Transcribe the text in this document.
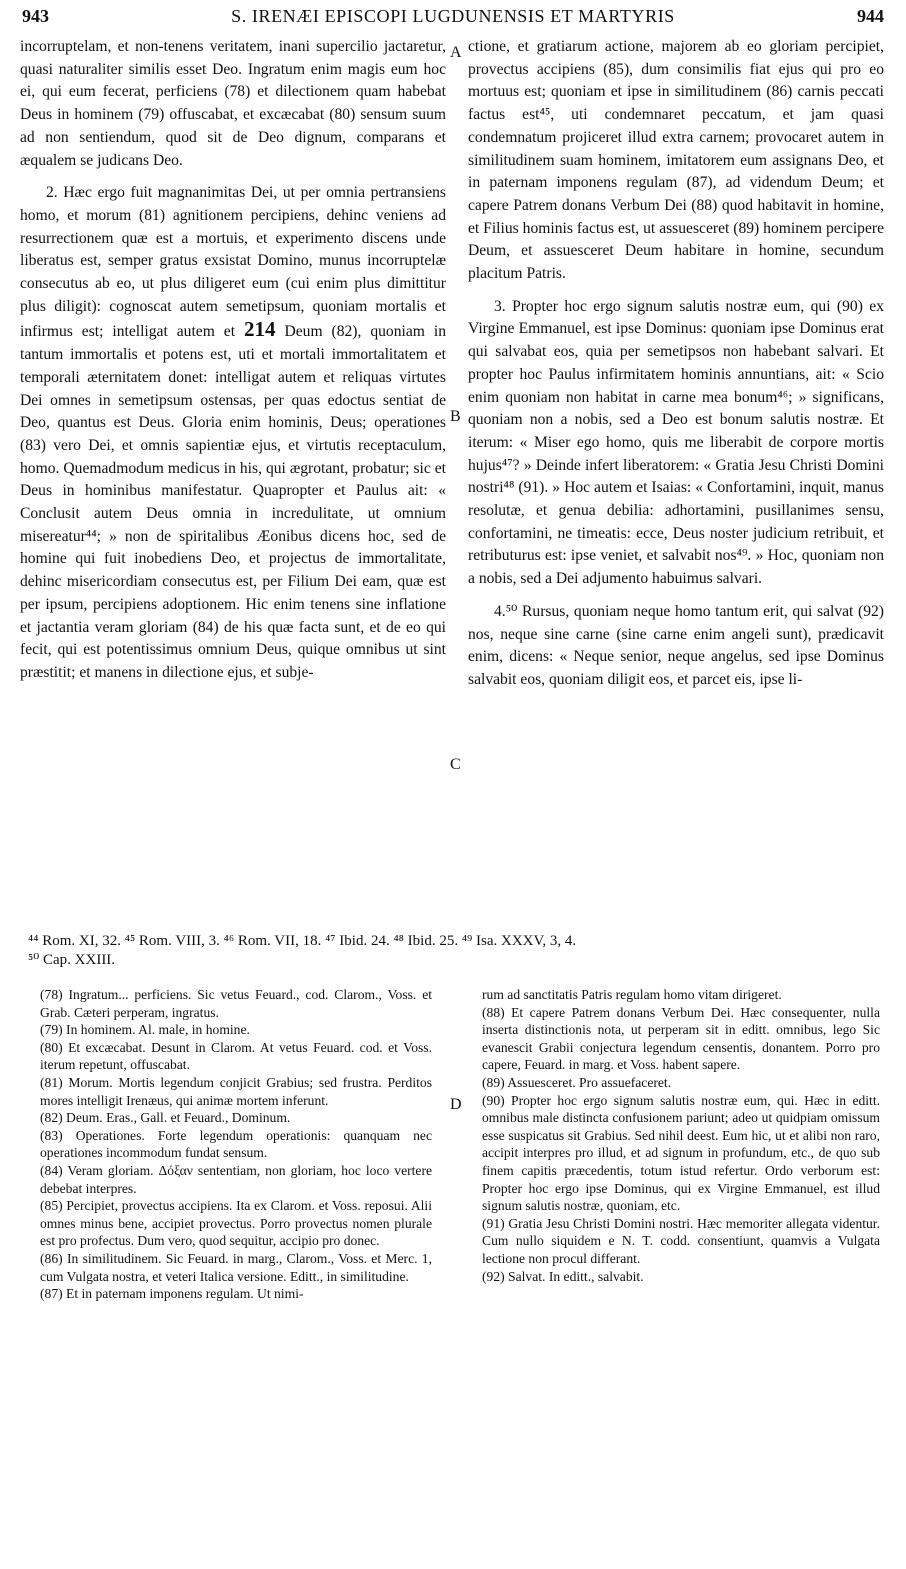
943	S. IRENÆI EPISCOPI LUGDUNENSIS ET MARTYRIS	944

incorruptelam, et non-tenens veritatem, inani supercilio jactaretur, quasi naturaliter similis esset Deo. Ingratum enim magis eum hoc ei, qui eum fecerat, perficiens (78) et dilectionem quam habebat Deus in hominem (79) offuscabat, et excæcabat (80) sensum suum ad non sentiendum, quod sit de Deo dignum, comparans et æqualem se judicans Deo.

2. Hæc ergo fuit magnanimitas Dei, ut per omnia pertransiens homo, et morum (81) agnitionem percipiens, dehinc veniens ad resurrectionem quæ est a mortuis, et experimento discens unde liberatus est, semper gratus exsistat Domino, munus incorruptelæ consecutus ab eo, ut plus diligeret eum (cui enim plus dimittitur plus diligit): cognoscat autem semetipsum, quoniam mortalis et infirmus est; intelligat autem et 214 Deum (82), quoniam in tantum immortalis et potens est, uti et mortali immortalitatem et temporali æternitatem donet: intelligat autem et reliquas virtutes Dei omnes in semetipsum ostensas, per quas edoctus sentiat de Deo, quantus est Deus. Gloria enim hominis, Deus; operationes (83) vero Dei, et omnis sapientiæ ejus, et virtutis receptaculum, homo. Quemadmodum medicus in his, qui ægrotant, probatur; sic et Deus in hominibus manifestatur. Quapropter et Paulus ait: « Conclusit autem Deus omnia in incredulitate, ut omnium misereatur⁴⁴; » non de spiritalibus Æonibus dicens hoc, sed de homine qui fuit inobediens Deo, et projectus de immortalitate, dehinc misericordiam consecutus est, per Filium Dei eam, quæ est per ipsum, percipiens adoptionem. Hic enim tenens sine inflatione et jactantia veram gloriam (84) de his quæ facta sunt, et de eo qui fecit, qui est potentissimus omnium Deus, quique omnibus ut sint præstitit; et manens in dilectione ejus, et subje-

A
B
C
D

ctione, et gratiarum actione, majorem ab eo gloriam percipiet, provectus accipiens (85), dum consimilis fiat ejus qui pro eo mortuus est; quoniam et ipse in similitudinem (86) carnis peccati factus est⁴⁵, uti condemnaret peccatum, et jam quasi condemnatum projiceret illud extra carnem; provocaret autem in similitudinem suam hominem, imitatorem eum assignans Deo, et in paternam imponens regulam (87), ad videndum Deum; et capere Patrem donans Verbum Dei (88) quod habitavit in homine, et Filius hominis factus est, ut assuesceret (89) hominem percipere Deum, et assuesceret Deum habitare in homine, secundum placitum Patris.

3. Propter hoc ergo signum salutis nostræ eum, qui (90) ex Virgine Emmanuel, est ipse Dominus: quoniam ipse Dominus erat qui salvabat eos, quia per semetipsos non habebant salvari. Et propter hoc Paulus infirmitatem hominis annuntians, ait: « Scio enim quoniam non habitat in carne mea bonum⁴⁶; » significans, quoniam non a nobis, sed a Deo est bonum salutis nostræ. Et iterum: « Miser ego homo, quis me liberabit de corpore mortis hujus⁴⁷? » Deinde infert liberatorem: « Gratia Jesu Christi Domini nostri⁴⁸ (91). » Hoc autem et Isaias: « Confortamini, inquit, manus resolutæ, et genua debilia: adhortamini, pusillanimes sensu, confortamini, ne timeatis: ecce, Deus noster judicium retribuit, et retributurus est: ipse veniet, et salvabit nos⁴⁹. » Hoc, quoniam non a nobis, sed a Dei adjumento habuimus salvari.

4.⁵⁰ Rursus, quoniam neque homo tantum erit, qui salvat (92) nos, neque sine carne (sine carne enim angeli sunt), prædicavit enim, dicens: « Neque senior, neque angelus, sed ipse Dominus salvabit eos, quoniam diligit eos, et parcet eis, ipse li-

⁴⁴ Rom. XI, 32. ⁴⁵ Rom. VIII, 3. ⁴⁶ Rom. VII, 18. ⁴⁷ Ibid. 24. ⁴⁸ Ibid. 25. ⁴⁹ Isa. XXXV, 3, 4.
⁵⁰ Cap. XXIII.

(78) Ingratum... perficiens. Sic vetus Feuard., cod. Clarom., Voss. et Grab. Cæteri perperam, ingratus.

(79) In hominem. Al. male, in homine.

(80) Et excæcabat. Desunt in Clarom. At vetus Feuard. cod. et Voss. iterum repetunt, offuscabat.

(81) Morum. Mortis legendum conjicit Grabius; sed frustra. Perditos mores intelligit Irenæus, qui animæ mortem inferunt.

(82) Deum. Eras., Gall. et Feuard., Dominum.

(83) Operationes. Forte legendum operationis: quanquam nec operationes incommodum fundat sensum.

(84) Veram gloriam. Δόξαν sententiam, non gloriam, hoc loco vertere debebat interpres.

(85) Percipiet, provectus accipiens. Ita ex Clarom. et Voss. reposui. Alii omnes minus bene, accipiet provectus. Porro provectus nomen plurale est pro profectus. Dum vero, quod sequitur, accipio pro donec.

(86) In similitudinem. Sic Feuard. in marg., Clarom., Voss. et Merc. 1, cum Vulgata nostra, et veteri Italica versione. Editt., in similitudine.

(87) Et in paternam imponens regulam. Ut nimi-

rum ad sanctitatis Patris regulam homo vitam dirigeret.

(88) Et capere Patrem donans Verbum Dei. Hæc consequenter, nulla inserta distinctionis nota, ut perperam sit in editt. omnibus, lego Sic evanescit Grabii conjectura legendum censentis, donantem. Porro pro capere, Feuard. in marg. et Voss. habent sapere.

(89) Assuesceret. Pro assuefaceret.

(90) Propter hoc ergo signum salutis nostræ eum, qui. Hæc in editt. omnibus male distincta confusionem pariunt; adeo ut quidpiam omissum esse suspicatus sit Grabius. Sed nihil deest. Eum hic, ut et alibi non raro, accipit interpres pro illud, et ad signum in profundum, etc., de quo sub finem capitis præcedentis, totum istud refertur. Ordo verborum est: Propter hoc ergo ipse Dominus, qui ex Virgine Emmanuel, est illud signum salutis nostræ, quoniam, etc.

(91) Gratia Jesu Christi Domini nostri. Hæc memoriter allegata videntur. Cum nullo siquidem e N. T. codd. consentiunt, quamvis a Vulgata lectione non procul differant.

(92) Salvat. In editt., salvabit.
